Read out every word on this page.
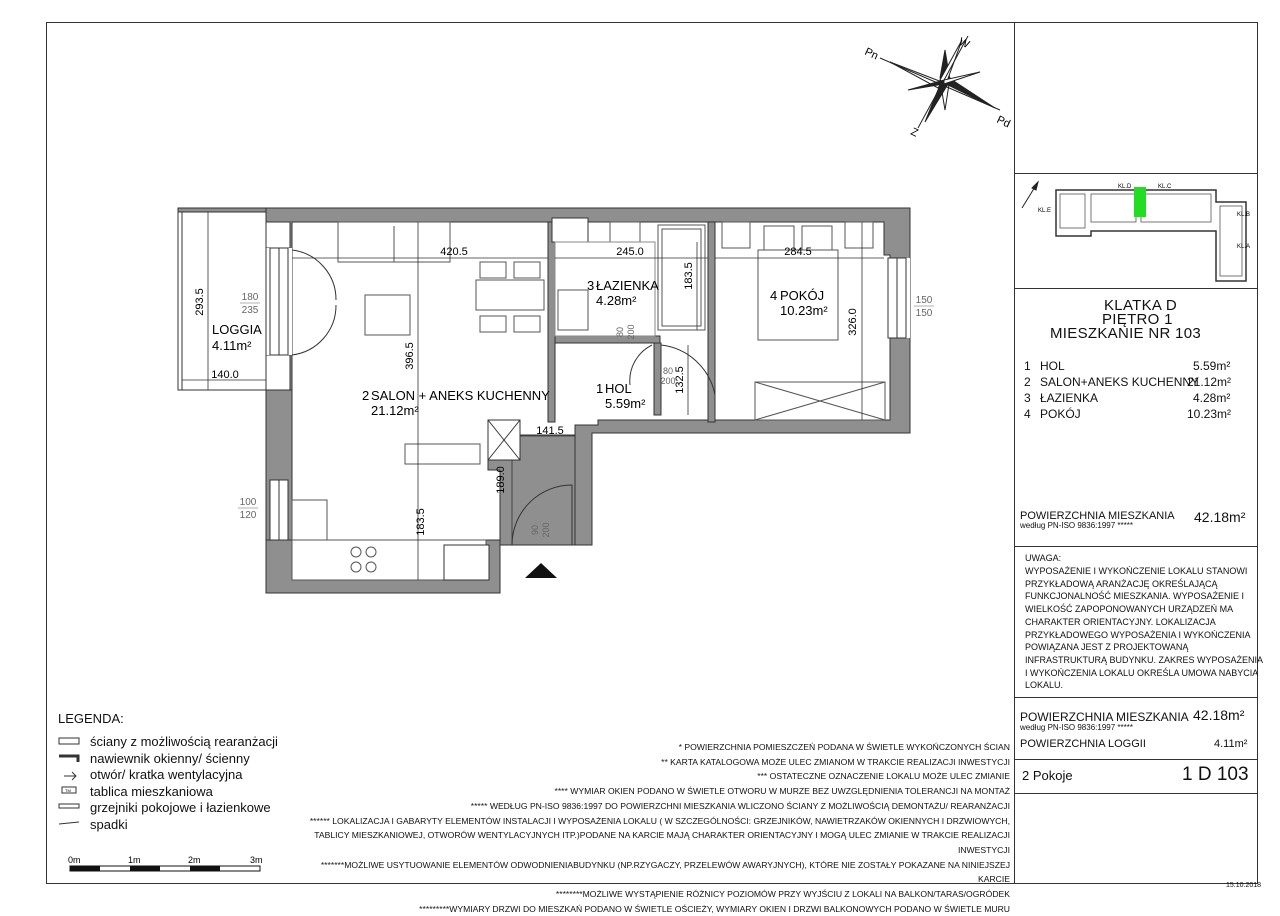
Pn
W
Z
Pd
420.5	245.0	284.5
183.5
293.5
140.0
396.5
326.0
132.5
141.5
189.0
183.5
180
235
100
120
150
150
80 200
80
200
90 200
LOGGIA
4.11m²
2 SALON + ANEKS KUCHENNY
21.12m²
1 HOL
5.59m²
3 ŁAZIENKA
4.28m²	4 POKÓJ
10.23m²
KL.D	KL.C
KL.E
KL.B
KL.A
KLATKA D
PIĘTRO 1
MIESZKANIE NR 103
1 HOL	5.59m²
2 SALON+ANEKS KUCHENNY
21.12m²
3 ŁAZIENKA	4.28m²
4 POKÓJ	10.23m²
POWIERZCHNIA MIESZKANIA
według PN-ISO 9836:1997 *****
42.18m²
UWAGA:
WYPOSAŻENIE I WYKOŃCZENIE LOKALU STANOWI
PRZYKŁADOWĄ ARANŻACJĘ OKREŚLAJĄCĄ
FUNKCJONALNOŚĆ MIESZKANIA. WYPOSAŻENIE I
WIELKOŚĆ ZAPOPONOWANYCH URZĄDZEŃ MA
CHARAKTER ORIENTACYJNY. LOKALIZACJA
PRZYKŁADOWEGO WYPOSAŻENIA I WYKOŃCZENIA
POWIĄZANA JEST Z PROJEKTOWANĄ
INFRASTRUKTURĄ BUDYNKU. ZAKRES WYPOSAŻENIA
I WYKOŃCZENIA LOKALU OKREŚLA UMOWA NABYCIA
LOKALU.
POWIERZCHNIA MIESZKANIA 42.18m²
według PN-ISO 9836:1997 *****
POWIERZCHNIA LOGGII	4.11m²
2 Pokoje	1 D 103
15.10.2018
LEGENDA:
TM
ściany z możliwością rearanżacji
nawiewnik okienny/ ścienny
otwór/ kratka wentylacyjna
tablica mieszkaniowa
grzejniki pokojowe i łazienkowe
spadki
0m	1m	2m	3m
* POWIERZCHNIA POMIESZCZEŃ PODANA W ŚWIETLE WYKOŃCZONYCH ŚCIAN
** KARTA KATALOGOWA MOŻE ULEC ZMIANOM W TRAKCIE REALIZACJI INWESTYCJI
*** OSTATECZNE OZNACZENIE LOKALU MOŻE ULEC ZMIANIE
**** WYMIAR OKIEN PODANO W ŚWIETLE OTWORU W MURZE BEZ UWZGLĘDNIENIA TOLERANCJI NA MONTAŻ
***** WEDŁUG PN-ISO 9836:1997 DO POWIERZCHNI MIESZKANIA WLICZONO ŚCIANY Z MOŻLIWOŚCIĄ DEMONTAŻU/ REARANŻACJI
****** LOKALIZACJA I GABARYTY ELEMENTÓW INSTALACJI I WYPOSAŻENIA LOKALU ( W SZCZEGÓLNOŚCI: GRZEJNIKÓW, NAWIETRZAKÓW OKIENNYCH I DRZWIOWYCH,
TABLICY MIESZKANIOWEJ, OTWORÓW WENTYLACYJNYCH ITP.)PODANE NA KARCIE MAJĄ CHARAKTER ORIENTACYJNY I MOGĄ ULEC ZMIANIE W TRAKCIE REALIZACJI INWESTYCJI
*******MOŻLIWE USYTUOWANIE ELEMENTÓW ODWODNIENIABUDYNKU (NP.RZYGACZY, PRZELEWÓW AWARYJNYCH), KTÓRE NIE ZOSTAŁY POKAZANE NA NINIEJSZEJ KARCIE
********MOŻLIWE WYSTĄPIENIE RÓŻNICY POZIOMÓW PRZY WYJŚCIU Z LOKALI NA BALKON/TARAS/OGRÓDEK
*********WYMIARY DRZWI DO MIESZKAŃ PODANO W ŚWIETLE OŚCIEŻY, WYMIARY OKIEN I DRZWI BALKONOWYCH PODANO W ŚWIETLE MURU
